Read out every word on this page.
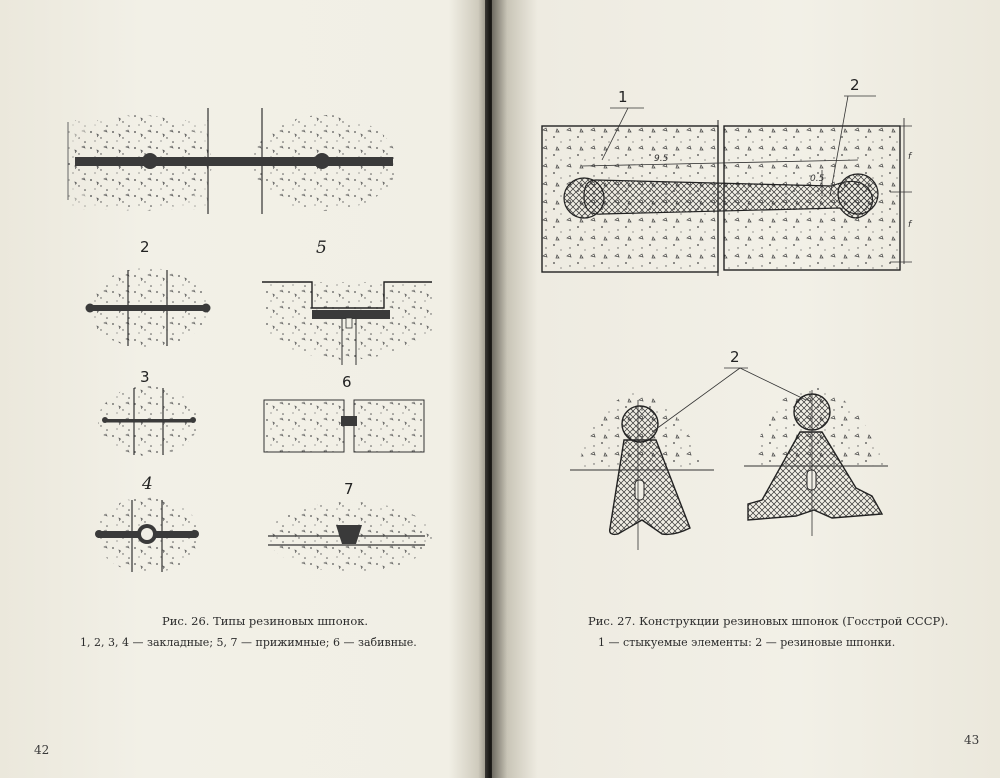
2	5
3	6
4	7
Рис. 26. Типы резиновых шпонок.
1, 2, 3, 4 — закладные; 5, 7 — прижимные; 6 — забивные.
42
1
2
2
9.5
0.5
f
f
Рис. 27. Конструкции резиновых шпонок (Госстрой СССР).
1 — стыкуемые элементы: 2 — резиновые шпонки.
43
